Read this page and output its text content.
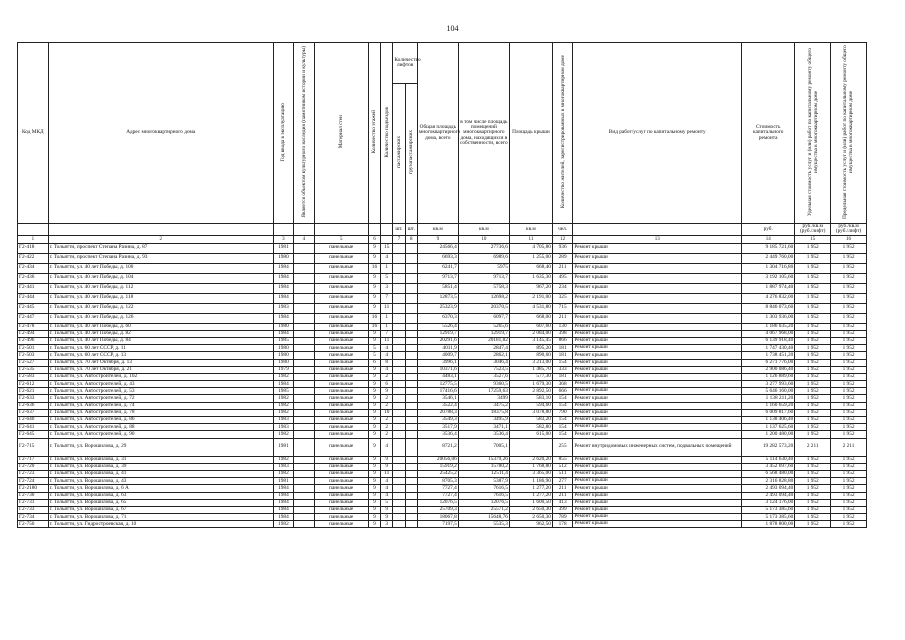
104
Код МКД	Адрес многоквартирного дома	Год ввода в эксплуатацию	Является объектом культурного наследия (памятником истории и культуры)	Материал стен	Количество этажей	Количество подъездов	Количество лифтов		Общая площадь многоквартирного дома, всего	в том числе площадь помещений многоквартирного дома, находящихся в собственности, всего	Площадь крыши	Количество жителей, зарегистрированных в многоквартирном доме	Вид работ/услуг по капитальному ремонту	Стоимость капитального ремонта	Удельная стоимость услуг и (или) работ по капитальному ремонту общего имущества в многоквартирном доме	Предельная стоимость услуг и (или) работ по капитальному ремонту общего имущества в многоквартирном доме
							пассажирских	грузопассажирских								
							шт.	шт.	кв.м	кв.м	кв.м	чел.		руб.	руб./кв.м (руб./лифт)	руб./кв.м (руб./лифт)
1	2	3	4	5	6		7	8	9	10	11	12	13	14	15	16
Г2-418	г. Тольятти, проспект Степана Разина, д. 87	1981		панельные	9	15			24566,4	27736,6	4 705,80	936	Ремонт крыши	9 185 721,60	1 952	1 952
Г2-422	г. Тольятти, проспект Степана Разина, д. 93	1980		панельные	9	4			6693,3	6989,6	1 255,00	289	Ремонт крыши	2 449 760,00	1 952	1 952
Г2-434	г. Тольятти, ул. 40 лет Победы, д. 100	1984		панельные	16	1			6241,7	5975	668,40	211	Ремонт крыши	1 304 716,80	1 952	1 952
Г2-436	г. Тольятти, ул. 40 лет Победы, д. 104	1984		панельные	9	5			9713,7	9713,7	1 635,30	495	Ремонт крыши	3 192 105,60	1 952	1 952
Г2-441	г. Тольятти, ул. 40 лет Победы, д. 112	1984		панельные	9	3			5851,4	5758,3	967,20	234	Ремонт крыши	1 887 974,40	1 952	1 952
Г2-444	г. Тольятти, ул. 40 лет Победы, д. 118	1984		панельные	9	7			12873,5	12698,2	2 191,00	325	Ремонт крыши	4 276 832,00	1 952	1 952
Г2-445	г. Тольятти, ул. 40 лет Победы, д. 122	1983		панельные	9	11			25323,9	20370,5	4 531,80	715	Ремонт крыши	8 846 073,60	1 952	1 952
Г2-447	г. Тольятти, ул. 40 лет Победы, д. 126	1984		панельные	16	1			6370,3	6097,7	668,00	211	Ремонт крыши	1 303 936,00	1 952	1 952
Г2-478	г. Тольятти, ул. 40 лет Победы, д. 60	1980		панельные	16	1			5526,4	5265,6	607,60	130	Ремонт крыши	1 186 035,20	1 952	1 952
Г2-494	г. Тольятти, ул. 40 лет Победы, д. 82	1984		панельные	9	7			12919,7	12919,7	2 084,00	398	Ремонт крыши	4 067 968,00	1 952	1 952
Г2-496	г. Тольятти, ул. 40 лет Победы, д. 84	1985		панельные	9	11			20291,6	20181,82	3 145,45	866	Ремонт крыши	6 139 918,40	1 952	1 952
Г2-501	г. Тольятти, ул. 60 лет СССР, д. 11	1980		панельные	5	4			4011,9	2847,4	895,20	181	Ремонт крыши	1 747 430,40	1 952	1 952
Г2-503	г. Тольятти, ул. 60 лет СССР, д. 13	1980		панельные	5	4			4009,7	2862,1	890,60	181	Ремонт крыши	1 738 451,20	1 952	1 952
Г2-527	г. Тольятти, ул. 70 лет Октября, д. 13	1980		панельные	6	8			3996,1	3046,4	3 213,00	154	Ремонт крыши	6 271 776,00	1 952	1 952
Г2-535	г. Тольятти, ул. 70 лет Октября, д. 21	1979		панельные	9	4			10371,6	7523,5	1 485,70	333	Ремонт крыши	2 900 086,40	1 952	1 952
Г2-583	г. Тольятти, ул. Автостроителей, д. 102	1982		панельные	9	2			4483,1	3527,6	577,30	181	Ремонт крыши	1 126 889,60	1 952	1 952
Г2-612	г. Тольятти, ул. Автостроителей, д. 43	1984		панельные	9	6			12775,5	9360,5	1 679,30	368	Ремонт крыши	3 277 993,60	1 952	1 952
Г2-621	г. Тольятти, ул. Автостроителей, д. 53	1985		панельные	9	9			17416,6	17259,63	2 892,50	666	Ремонт крыши	5 646 160,00	1 952	1 952
Г2-633	г. Тольятти, ул. Автостроителей, д. 72	1982		панельные	9	2			3546,1	3499	583,10	154	Ремонт крыши	1 138 211,20	1 952	1 952
Г2-636	г. Тольятти, ул. Автостроителей, д. 74	1982		панельные	9	2			3522,4	3475,2	594,60	154	Ремонт крыши	1 160 659,20	1 952	1 952
Г2-637	г. Тольятти, ул. Автостроителей, д. 78	1982		панельные	9	10			20788,3	18375,8	3 078,80	790	Ремонт крыши	6 009 817,60	1 952	1 952
Г2-640	г. Тольятти, ул. Автостроителей, д. 86	1983		панельные	9	2			3549,3	3495,9	583,20	154	Ремонт крыши	1 138 406,40	1 952	1 952
Г2-641	г. Тольятти, ул. Автостроителей, д. 88	1983		панельные	9	2			3517,9	3471,1	582,80	154	Ремонт крыши	1 137 625,60	1 952	1 952
Г2-645	г. Тольятти, ул. Автостроителей, д. 90	1982		панельные	9	2			3536,4	3536,4	615,00	154	Ремонт крыши	1 200 480,00	1 952	1 952
Г2-715	г. Тольятти, ул. Ворошилова, д. 29	1981		панельные	9	4			8721,2	7005,1		255	Ремонт внутридомовых инженерных систем, подвальных помещений	19 282 573,20	2 211	2 211
Г2-717	г. Тольятти, ул. Ворошилова, д. 31	1982		панельные	9	9			20056,06	15379,26	2 620,20	855	Ремонт крыши	5 114 630,40	1 952	1 952
Г2-720	г. Тольятти, ул. Ворошилова, д. 39	1983		панельные	9	9			15919,2	15780,2	1 768,80	512	Ремонт крыши	3 452 697,60	1 952	1 952
Г2-723	г. Тольятти, ул. Ворошилова, д. 41	1982		панельные	9	11			25425,2	12511,4	3 365,00	511	Ремонт крыши	6 568 480,00	1 952	1 952
Г2-724	г. Тольятти, ул. Ворошилова, д. 43	1981		панельные	9	4			8705,3	5387,9	1 186,90	277	Ремонт крыши	2 316 828,80	1 952	1 952
Г2-2180	г. Тольятти, ул. Ворошилова, д. 6 А	1984		панельные	9	4			7727,4	7616,5	1 277,20	211	Ремонт крыши	2 493 094,40	1 952	1 952
Г2-730	г. Тольятти, ул. Ворошилова, д. 63	1984		панельные	9	4			7727,4	7616,5	1 277,20	211	Ремонт крыши	2 493 094,40	1 952	1 952
Г2-731	г. Тольятти, ул. Ворошилова, д. 65	1984		панельные	9	5			12076,5	12076,5	1 600,50	413	Ремонт крыши	3 124 176,00	1 952	1 952
Г2-733	г. Тольятти, ул. Ворошилова, д. 67	1984		панельные	9	9			25709,3	25571,2	2 650,30	399	Ремонт крыши	5 173 385,60	1 952	1 952
Г2-734	г. Тольятти, ул. Ворошилова, д. 71	1984		панельные	9	9			18067,8	15648,76	2 650,30	789	Ремонт крыши	5 173 385,60	1 952	1 952
Г2-750	г. Тольятти, ул. Гидростроевская, д. 10	1982		панельные	9	3			7197,5	5535,3	962,50	178	Ремонт крыши	1 878 800,00	1 952	1 952
